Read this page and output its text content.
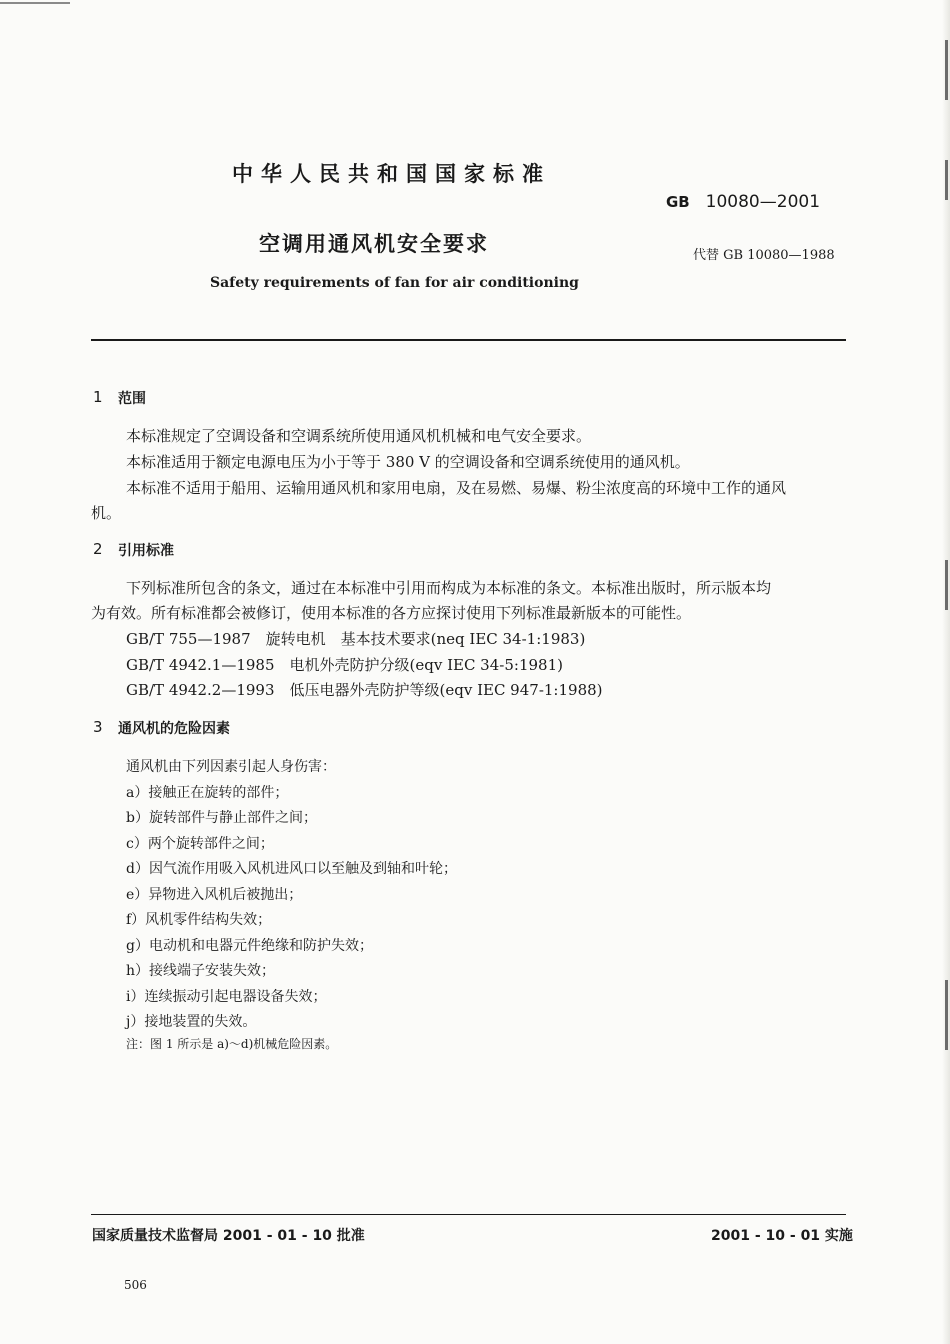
中华人民共和国国家标准
GB 10080—2001
空调用通风机安全要求	代替 GB 10080—1988
Safety requirements of fan for air conditioning
1 范围
本标准规定了空调设备和空调系统所使用通风机机械和电气安全要求。
本标准适用于额定电源电压为小于等于 380 V 的空调设备和空调系统使用的通风机。
本标准不适用于船用、运输用通风机和家用电扇，及在易燃、易爆、粉尘浓度高的环境中工作的通风
机。
2 引用标准
下列标准所包含的条文，通过在本标准中引用而构成为本标准的条文。本标准出版时，所示版本均
为有效。所有标准都会被修订，使用本标准的各方应探讨使用下列标准最新版本的可能性。
GB/T 755—1987　旋转电机　基本技术要求(neq IEC 34-1:1983)
GB/T 4942.1—1985　电机外壳防护分级(eqv IEC 34-5:1981)
GB/T 4942.2—1993　低压电器外壳防护等级(eqv IEC 947-1:1988)
3 通风机的危险因素
通风机由下列因素引起人身伤害：
a）接触正在旋转的部件；
b）旋转部件与静止部件之间；
c）两个旋转部件之间；
d）因气流作用吸入风机进风口以至触及到轴和叶轮；
e）异物进入风机后被抛出；
f）风机零件结构失效；
g）电动机和电器元件绝缘和防护失效；
h）接线端子安装失效；
i）连续振动引起电器设备失效；
j）接地装置的失效。
注：图 1 所示是 a)～d)机械危险因素。
国家质量技术监督局 2001 - 01 - 10 批准	2001 - 10 - 01 实施
506
